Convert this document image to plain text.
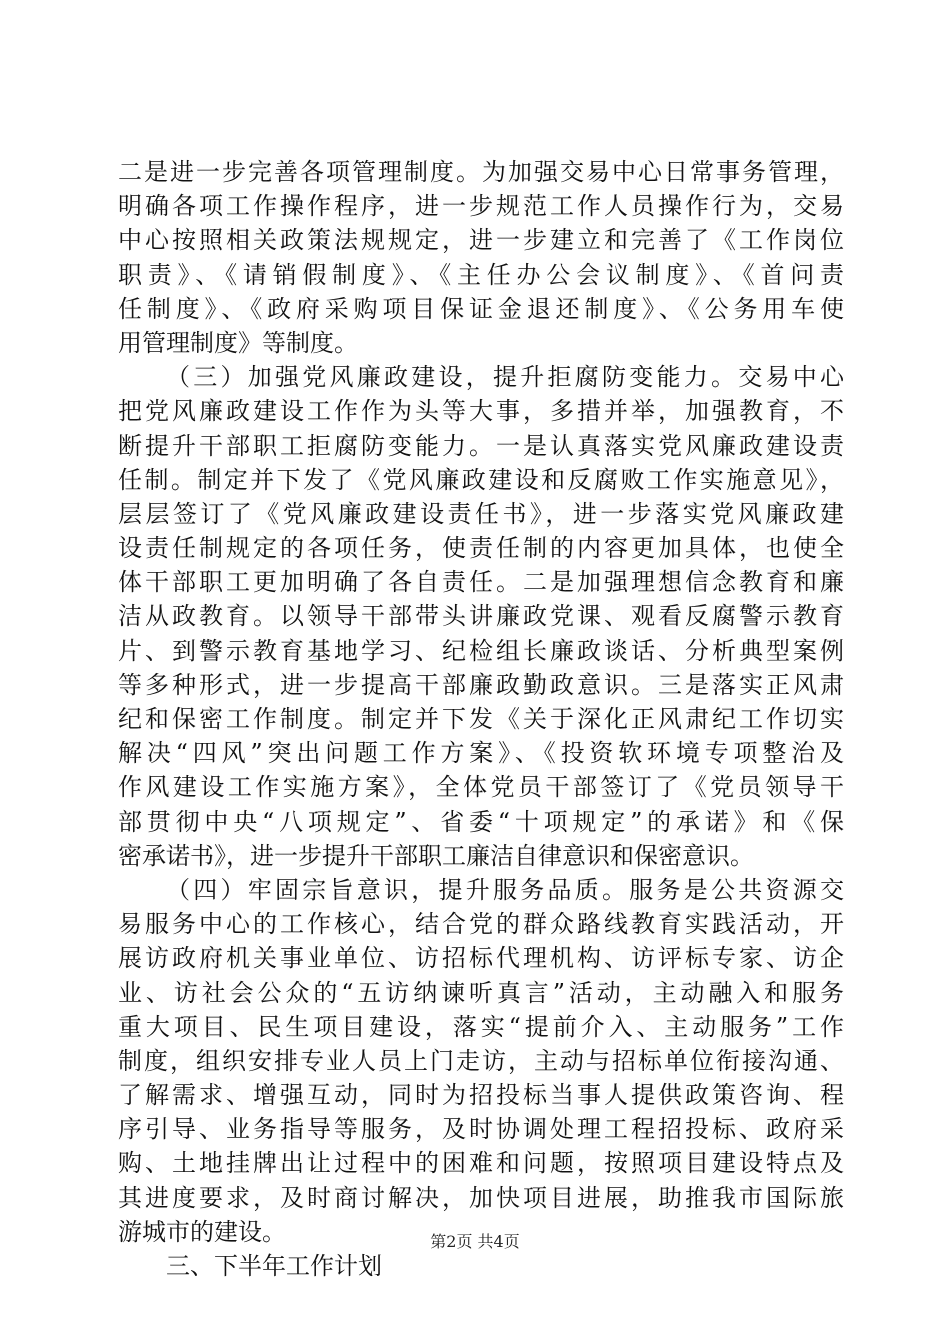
二是进一步完善各项管理制度。为加强交易中心日常事务管理，
明确各项工作操作程序，进一步规范工作人员操作行为，交易
中心按照相关政策法规规定，进一步建立和完善了《工作岗位
职责》、《请销假制度》、《主任办公会议制度》、《首问责
任制度》、《政府采购项目保证金退还制度》、《公务用车使
用管理制度》等制度。
（三）加强党风廉政建设，提升拒腐防变能力。交易中心
把党风廉政建设工作作为头等大事，多措并举，加强教育，不
断提升干部职工拒腐防变能力。一是认真落实党风廉政建设责
任制。制定并下发了《党风廉政建设和反腐败工作实施意见》，
层层签订了《党风廉政建设责任书》，进一步落实党风廉政建
设责任制规定的各项任务，使责任制的内容更加具体，也使全
体干部职工更加明确了各自责任。二是加强理想信念教育和廉
洁从政教育。以领导干部带头讲廉政党课、观看反腐警示教育
片、到警示教育基地学习、纪检组长廉政谈话、分析典型案例
等多种形式，进一步提高干部廉政勤政意识。三是落实正风肃
纪和保密工作制度。制定并下发《关于深化正风肃纪工作切实
解决“四风”突出问题工作方案》、《投资软环境专项整治及
作风建设工作实施方案》，全体党员干部签订了《党员领导干
部贯彻中央“八项规定”、省委“十项规定”的承诺》和《保
密承诺书》，进一步提升干部职工廉洁自律意识和保密意识。
（四）牢固宗旨意识，提升服务品质。服务是公共资源交
易服务中心的工作核心，结合党的群众路线教育实践活动，开
展访政府机关事业单位、访招标代理机构、访评标专家、访企
业、访社会公众的“五访纳谏听真言”活动，主动融入和服务
重大项目、民生项目建设，落实“提前介入、主动服务”工作
制度，组织安排专业人员上门走访，主动与招标单位衔接沟通、
了解需求、增强互动，同时为招投标当事人提供政策咨询、程
序引导、业务指导等服务，及时协调处理工程招投标、政府采
购、土地挂牌出让过程中的困难和问题，按照项目建设特点及
其进度要求，及时商讨解决，加快项目进展，助推我市国际旅
游城市的建设。
三、下半年工作计划
第2页 共4页
